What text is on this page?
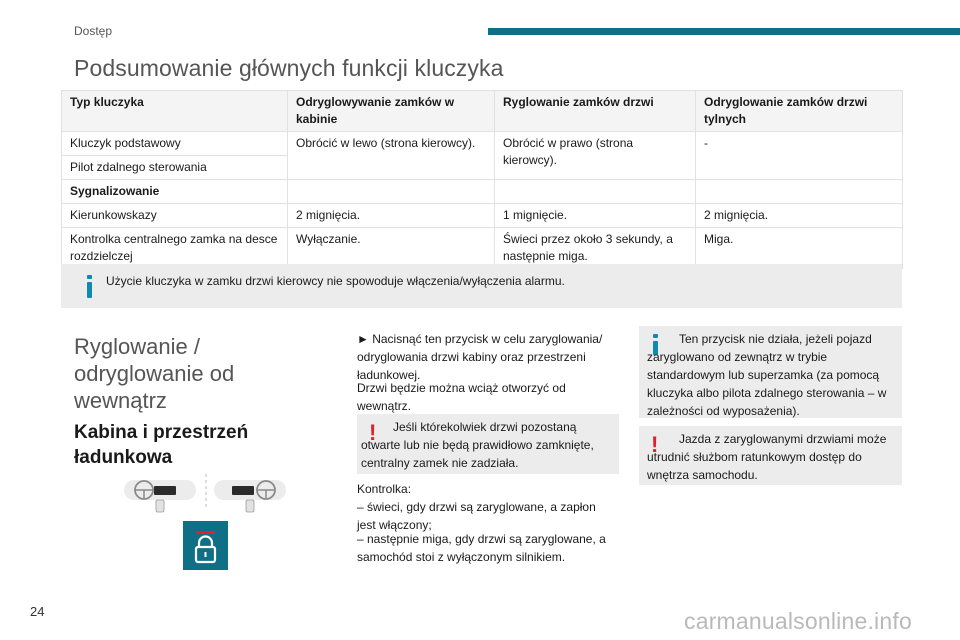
Dostęp
Podsumowanie głównych funkcji kluczyka
Typ kluczyka	Odryglowywanie zamków w kabinie	Ryglowanie zamków drzwi	Odryglowanie zamków drzwi tylnych
Kluczyk podstawowy	Obrócić w lewo (strona kierowcy).	Obrócić w prawo (strona kierowcy).	-
Pilot zdalnego sterowania			
Sygnalizowanie			
Kierunkowskazy	2 mignięcia.	1 mignięcie.	2 mignięcia.
Kontrolka centralnego zamka na desce rozdzielczej	Wyłączanie.	Świeci przez około 3 sekundy, a następnie miga.	Miga.
Użycie kluczyka w zamku drzwi kierowcy nie spowoduje włączenia/wyłączenia alarmu.
Ryglowanie / odryglowanie od wewnątrz
Kabina i przestrzeń ładunkowa
► Nacisnąć ten przycisk w celu zaryglowania/ odryglowania drzwi kabiny oraz przestrzeni ładunkowej.
Drzwi będzie można wciąż otworzyć od wewnątrz.
!	Jeśli którekolwiek drzwi pozostaną otwarte lub nie będą prawidłowo zamknięte, centralny zamek nie zadziała.
Kontrolka:
– świeci, gdy drzwi są zaryglowane, a zapłon jest włączony;
– następnie miga, gdy drzwi są zaryglowane, a samochód stoi z wyłączonym silnikiem.
Ten przycisk nie działa, jeżeli pojazd zaryglowano od zewnątrz w trybie standardowym lub superzamka (za pomocą kluczyka albo pilota zdalnego sterowania – w zależności od wyposażenia).
!	Jazda z zaryglowanymi drzwiami może utrudnić służbom ratunkowym dostęp do wnętrza samochodu.
24	carmanualsonline.info
